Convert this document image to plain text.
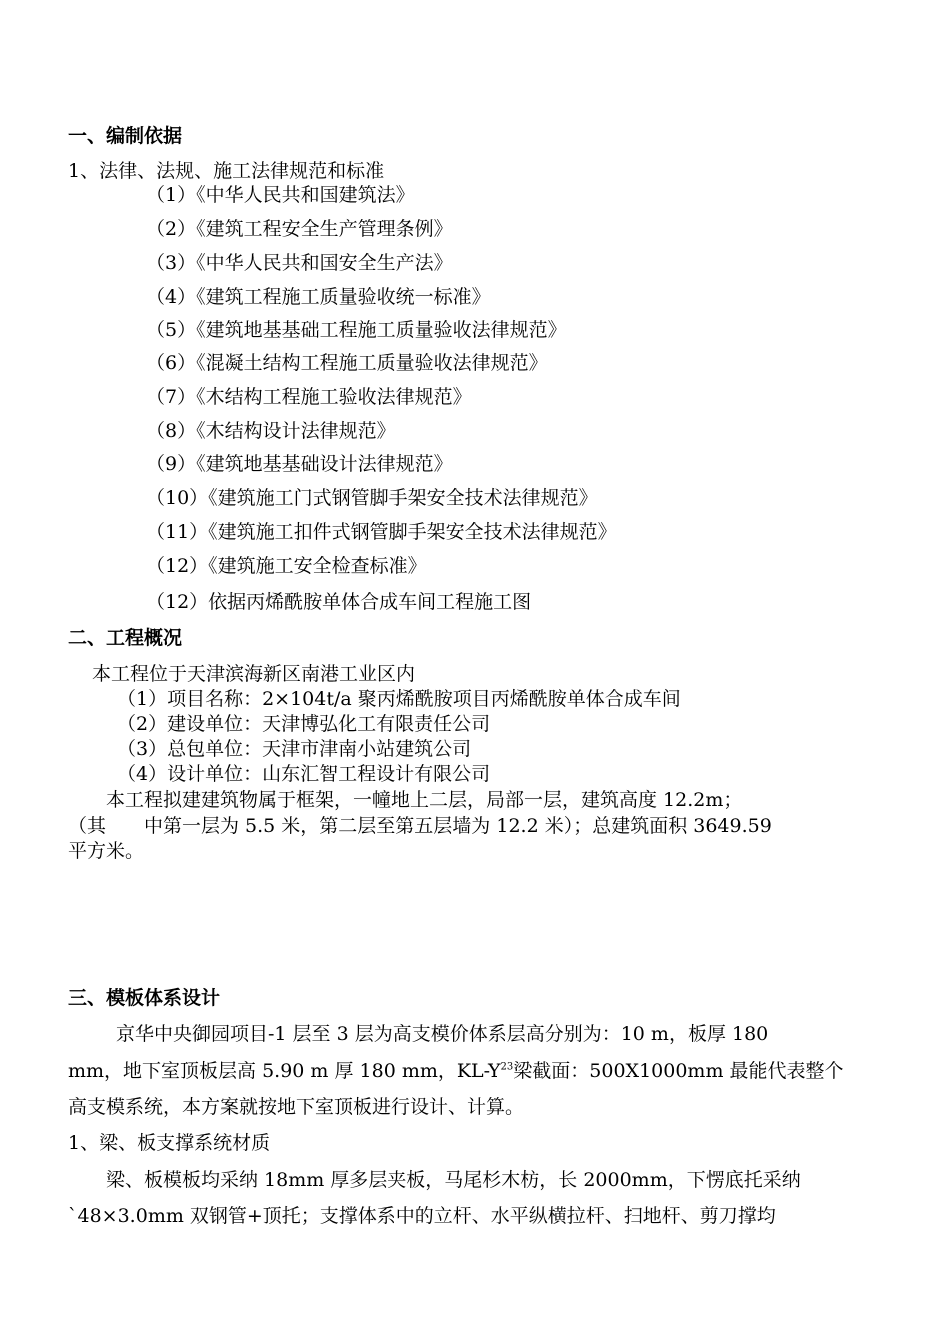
一、编制依据
1、法律、法规、施工法律规范和标准
（1）《中华人民共和国建筑法》
（2）《建筑工程安全生产管理条例》
（3）《中华人民共和国安全生产法》
（4）《建筑工程施工质量验收统一标准》
（5）《建筑地基基础工程施工质量验收法律规范》
（6）《混凝土结构工程施工质量验收法律规范》
（7）《木结构工程施工验收法律规范》
（8）《木结构设计法律规范》
（9）《建筑地基基础设计法律规范》
（10）《建筑施工门式钢管脚手架安全技术法律规范》
（11）《建筑施工扣件式钢管脚手架安全技术法律规范》
（12）《建筑施工安全检查标准》
（12）依据丙烯酰胺单体合成车间工程施工图
二、工程概况
本工程位于天津滨海新区南港工业区内
（1）项目名称：2×104t/a 聚丙烯酰胺项目丙烯酰胺单体合成车间
（2）建设单位：天津博弘化工有限责任公司
（3）总包单位：天津市津南小站建筑公司
（4）设计单位：山东汇智工程设计有限公司
本工程拟建建筑物属于框架，一幢地上二层，局部一层，建筑高度 12.2m；
（其 中第一层为 5.5 米，第二层至第五层墙为 12.2 米）；总建筑面积 3649.59
平方米。
三、模板体系设计
京华中央御园项目-1 层至 3 层为高支模价体系层高分别为：10 m，板厚 180
mm，地下室顶板层高 5.90 m 厚 180 mm，$KL-Y^{23}$梁截面：500X1000mm 最能代表整个
高支模系统，本方案就按地下室顶板进行设计、计算。
1、梁、板支撑系统材质
梁、板模板均采纳 18mm 厚多层夹板，马尾杉木枋，长 2000mm，下愣底托采纳
`48×3.0mm 双钢管+顶托；支撑体系中的立杆、水平纵横拉杆、扫地杆、剪刀撑均
